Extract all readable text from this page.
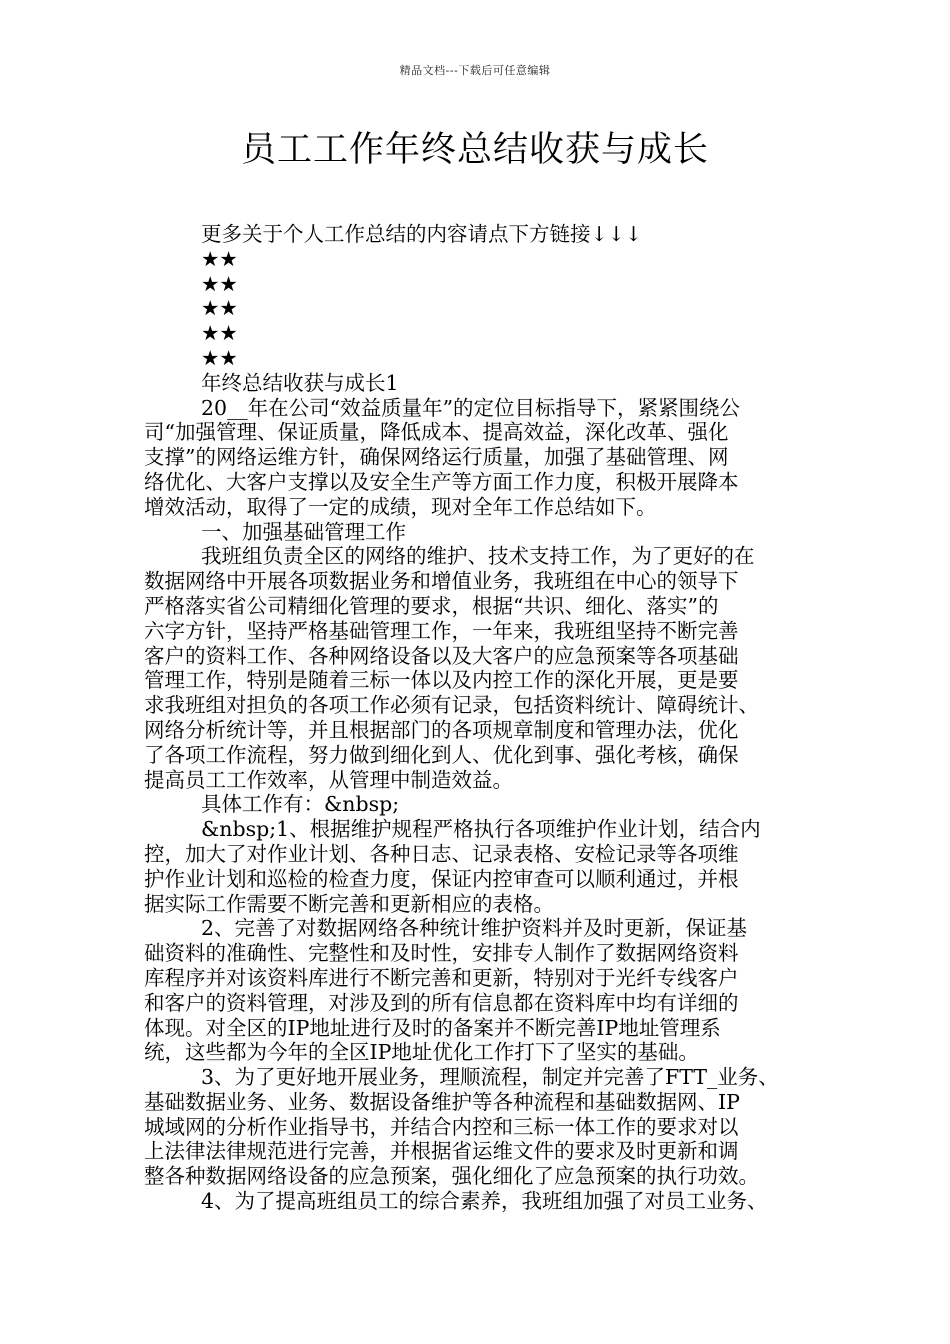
精品文档---下载后可任意编辑
员工工作年终总结收获与成长
更多关于个人工作总结的内容请点下方链接↓↓↓
★★
★★
★★
★★
★★
年终总结收获与成长1
20__年在公司“效益质量年”的定位目标指导下，紧紧围绕公
司“加强管理、保证质量，降低成本、提高效益，深化改革、强化
支撑”的网络运维方针，确保网络运行质量，加强了基础管理、网
络优化、大客户支撑以及安全生产等方面工作力度，积极开展降本
增效活动，取得了一定的成绩，现对全年工作总结如下。
一、加强基础管理工作
我班组负责全区的网络的维护、技术支持工作，为了更好的在
数据网络中开展各项数据业务和增值业务，我班组在中心的领导下
严格落实省公司精细化管理的要求，根据“共识、细化、落实”的
六字方针，坚持严格基础管理工作，一年来，我班组坚持不断完善
客户的资料工作、各种网络设备以及大客户的应急预案等各项基础
管理工作，特别是随着三标一体以及内控工作的深化开展，更是要
求我班组对担负的各项工作必须有记录，包括资料统计、障碍统计、
网络分析统计等，并且根据部门的各项规章制度和管理办法，优化
了各项工作流程，努力做到细化到人、优化到事、强化考核，确保
提高员工工作效率，从管理中制造效益。
具体工作有：&nbsp;
&nbsp;1、根据维护规程严格执行各项维护作业计划，结合内
控，加大了对作业计划、各种日志、记录表格、安检记录等各项维
护作业计划和巡检的检查力度，保证内控审查可以顺利通过，并根
据实际工作需要不断完善和更新相应的表格。
2、完善了对数据网络各种统计维护资料并及时更新，保证基
础资料的准确性、完整性和及时性，安排专人制作了数据网络资料
库程序并对该资料库进行不断完善和更新，特别对于光纤专线客户
和客户的资料管理，对涉及到的所有信息都在资料库中均有详细的
体现。对全区的IP地址进行及时的备案并不断完善IP地址管理系
统，这些都为今年的全区IP地址优化工作打下了坚实的基础。
3、为了更好地开展业务，理顺流程，制定并完善了FTT_业务、
基础数据业务、业务、数据设备维护等各种流程和基础数据网、IP
城域网的分析作业指导书，并结合内控和三标一体工作的要求对以
上法律法律规范进行完善，并根据省运维文件的要求及时更新和调
整各种数据网络设备的应急预案，强化细化了应急预案的执行功效。
4、为了提高班组员工的综合素养，我班组加强了对员工业务、
